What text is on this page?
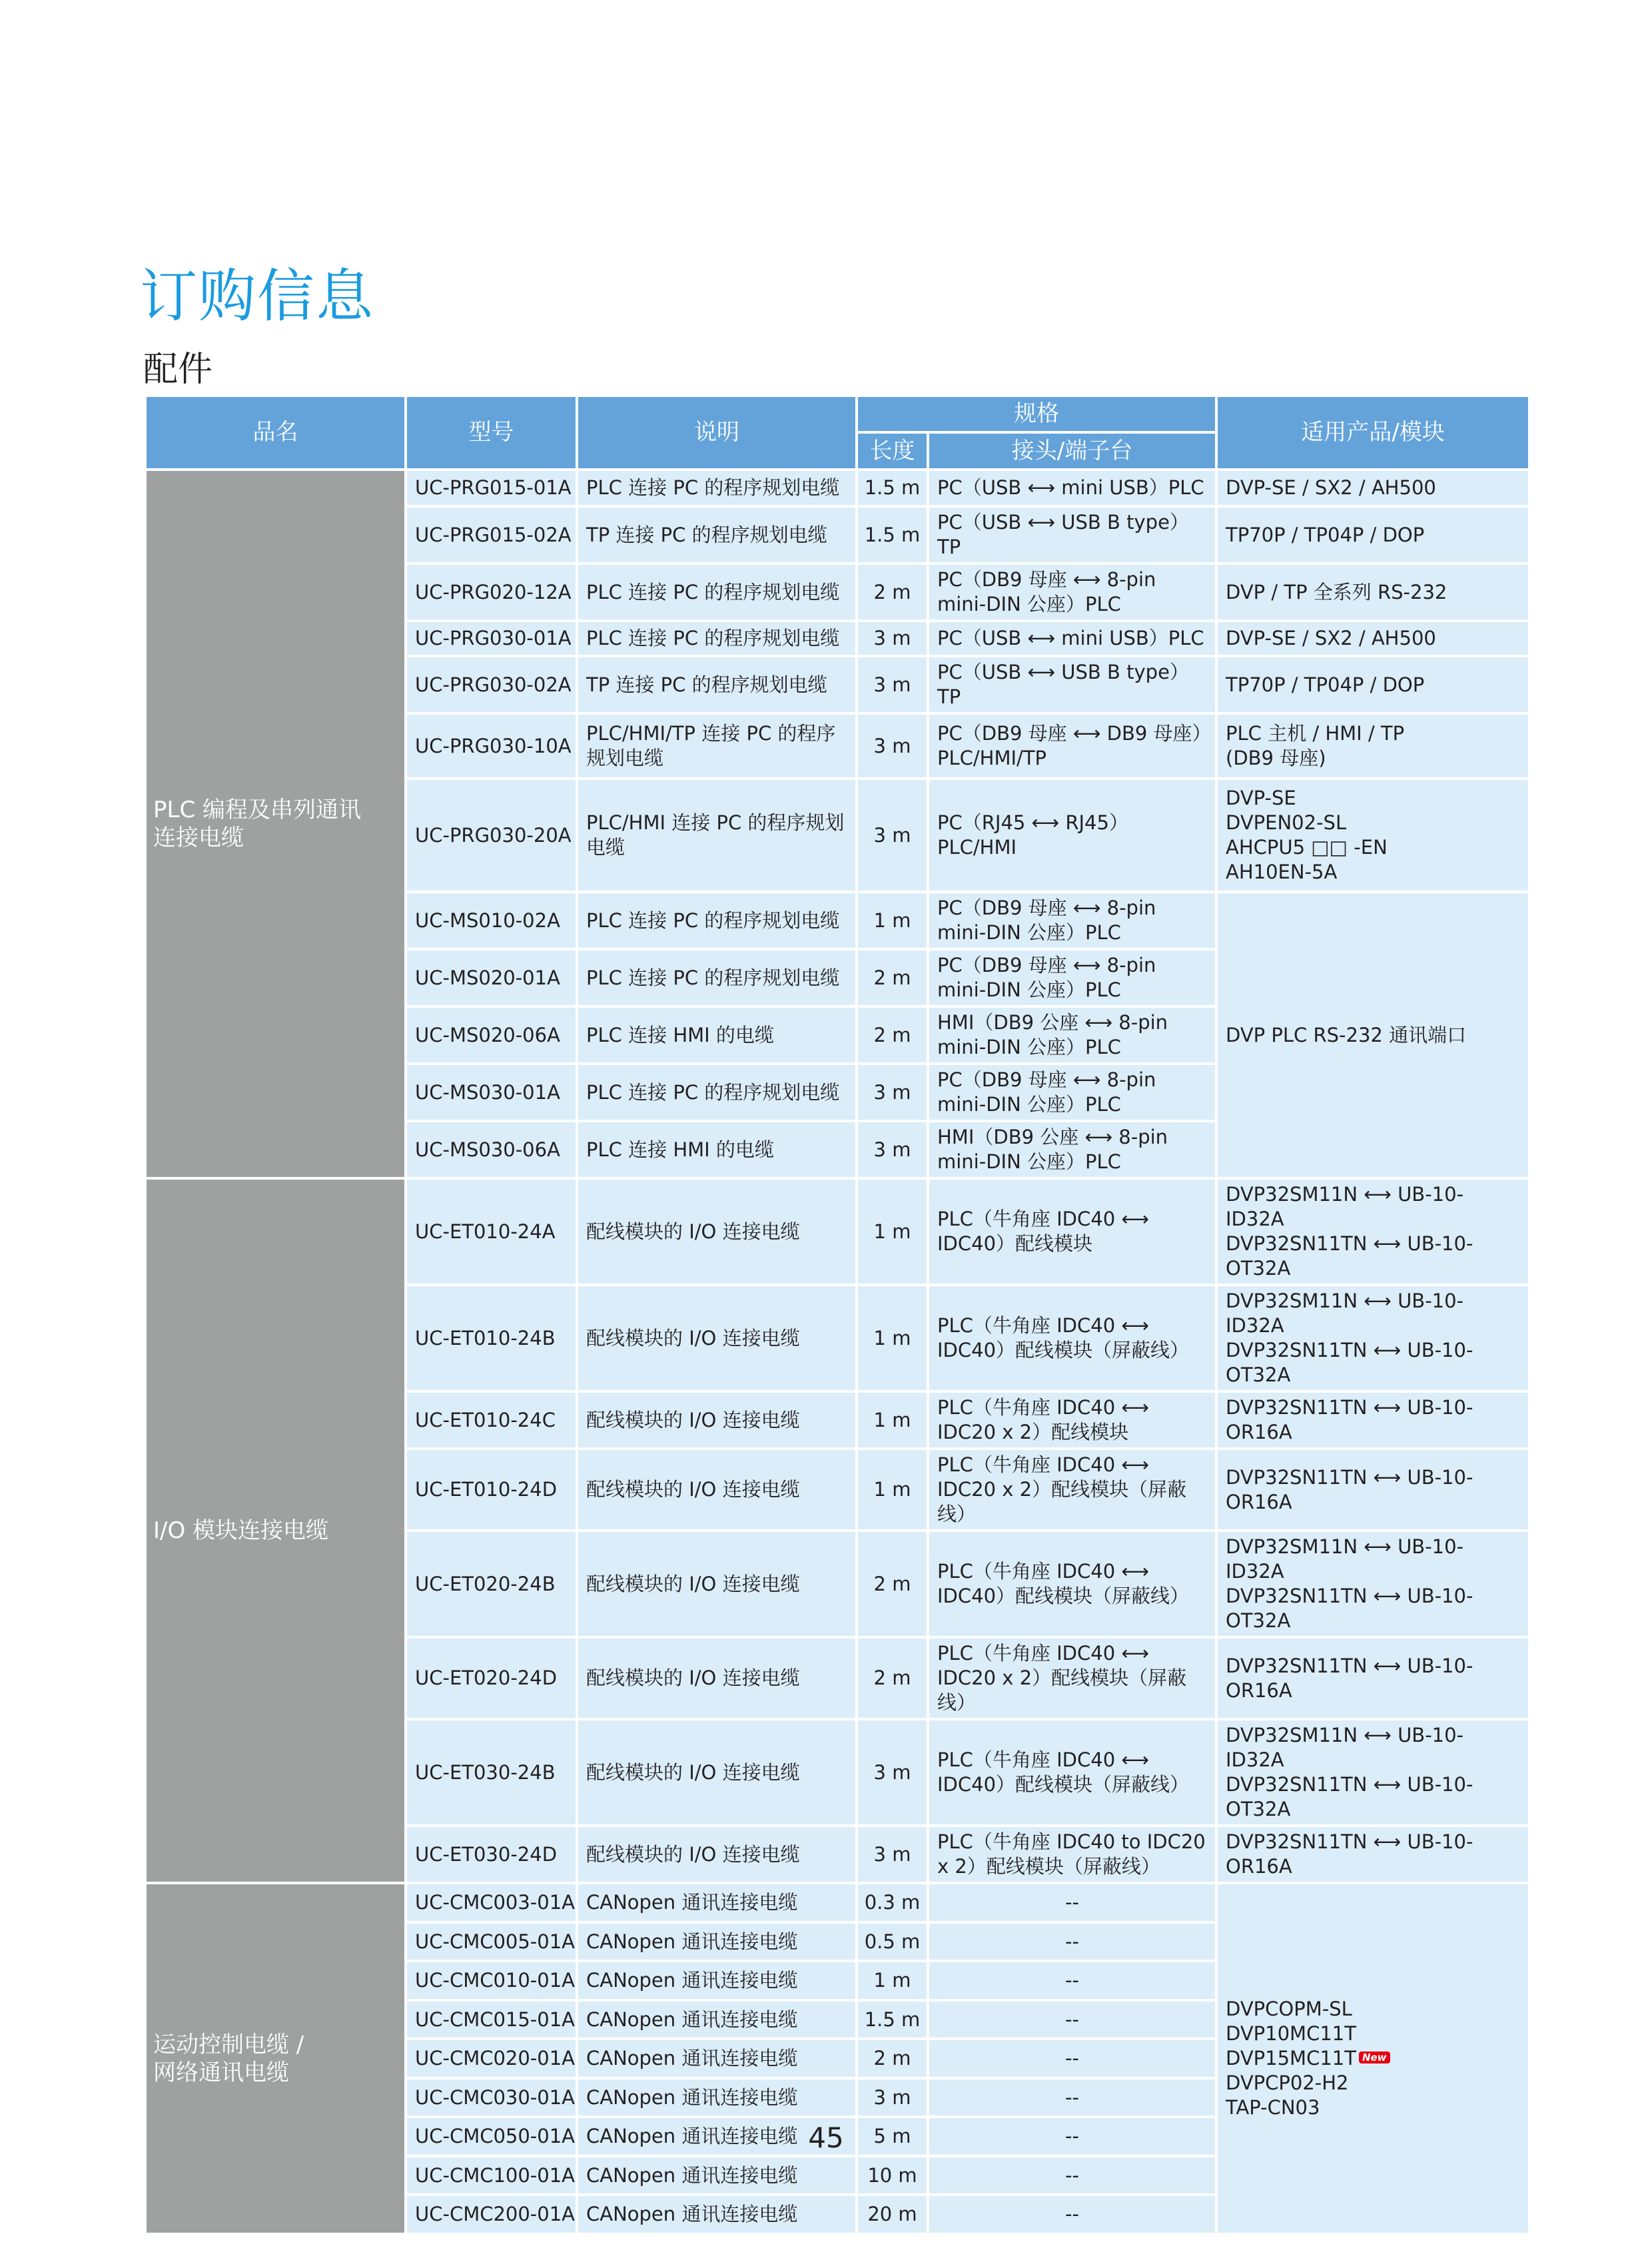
订购信息
配件
品名	型号	说明	规格		适用产品/模块
			长度	接头/端子台	
PLC 编程及串列通讯
连接电缆	UC-PRG015-01A	PLC 连接 PC 的程序规划电缆	1.5 m	PC（USB ⟷ mini USB）PLC	DVP-SE / SX2 / AH500
	UC-PRG015-02A	TP 连接 PC 的程序规划电缆	1.5 m	PC（USB ⟷ USB B type）TP	TP70P / TP04P / DOP
	UC-PRG020-12A	PLC 连接 PC 的程序规划电缆	2 m	PC（DB9 母座 ⟷ 8-pin mini-DIN 公座）PLC	DVP / TP 全系列 RS-232
	UC-PRG030-01A	PLC 连接 PC 的程序规划电缆	3 m	PC（USB ⟷ mini USB）PLC	DVP-SE / SX2 / AH500
	UC-PRG030-02A	TP 连接 PC 的程序规划电缆	3 m	PC（USB ⟷ USB B type）TP	TP70P / TP04P / DOP
	UC-PRG030-10A	PLC/HMI/TP 连接 PC 的程序规划电缆	3 m	PC（DB9 母座 ⟷ DB9 母座）PLC/HMI/TP	PLC 主机 / HMI / TP
(DB9 母座)
	UC-PRG030-20A	PLC/HMI 连接 PC 的程序规划电缆	3 m	PC（RJ45 ⟷ RJ45）PLC/HMI	DVP-SE
DVPEN02-SL
AHCPU5 □□ -EN
AH10EN-5A
	UC-MS010-02A	PLC 连接 PC 的程序规划电缆	1 m	PC（DB9 母座 ⟷ 8-pin mini-DIN 公座）PLC	DVP PLC RS-232 通讯端口
	UC-MS020-01A	PLC 连接 PC 的程序规划电缆	2 m	PC（DB9 母座 ⟷ 8-pin mini-DIN 公座）PLC	
	UC-MS020-06A	PLC 连接 HMI 的电缆	2 m	HMI（DB9 公座 ⟷ 8-pin mini-DIN 公座）PLC	
	UC-MS030-01A	PLC 连接 PC 的程序规划电缆	3 m	PC（DB9 母座 ⟷ 8-pin mini-DIN 公座）PLC	
	UC-MS030-06A	PLC 连接 HMI 的电缆	3 m	HMI（DB9 公座 ⟷ 8-pin mini-DIN 公座）PLC	
I/O 模块连接电缆	UC-ET010-24A	配线模块的 I/O 连接电缆	1 m	PLC（牛角座 IDC40 ⟷ IDC40）配线模块	DVP32SM11N ⟷ UB-10-ID32A
DVP32SN11TN ⟷ UB-10-OT32A
	UC-ET010-24B	配线模块的 I/O 连接电缆	1 m	PLC（牛角座 IDC40 ⟷ IDC40）配线模块（屏蔽线）	DVP32SM11N ⟷ UB-10-ID32A
DVP32SN11TN ⟷ UB-10-OT32A
	UC-ET010-24C	配线模块的 I/O 连接电缆	1 m	PLC（牛角座 IDC40 ⟷ IDC20 x 2）配线模块	DVP32SN11TN ⟷ UB-10-OR16A
	UC-ET010-24D	配线模块的 I/O 连接电缆	1 m	PLC（牛角座 IDC40 ⟷ IDC20 x 2）配线模块（屏蔽线）	DVP32SN11TN ⟷ UB-10-OR16A
	UC-ET020-24B	配线模块的 I/O 连接电缆	2 m	PLC（牛角座 IDC40 ⟷ IDC40）配线模块（屏蔽线）	DVP32SM11N ⟷ UB-10-ID32A
DVP32SN11TN ⟷ UB-10-OT32A
	UC-ET020-24D	配线模块的 I/O 连接电缆	2 m	PLC（牛角座 IDC40 ⟷ IDC20 x 2）配线模块（屏蔽线）	DVP32SN11TN ⟷ UB-10-OR16A
	UC-ET030-24B	配线模块的 I/O 连接电缆	3 m	PLC（牛角座 IDC40 ⟷ IDC40）配线模块（屏蔽线）	DVP32SM11N ⟷ UB-10-ID32A
DVP32SN11TN ⟷ UB-10-OT32A
	UC-ET030-24D	配线模块的 I/O 连接电缆	3 m	PLC（牛角座 IDC40 to IDC20 x 2）配线模块（屏蔽线）	DVP32SN11TN ⟷ UB-10-OR16A
运动控制电缆 /
网络通讯电缆	UC-CMC003-01A	CANopen 通讯连接电缆	0.3 m	--	DVPCOPM-SL
DVP10MC11T
DVP15MC11T New
DVPCP02-H2
TAP-CN03
	UC-CMC005-01A	CANopen 通讯连接电缆	0.5 m	--	
	UC-CMC010-01A	CANopen 通讯连接电缆	1 m	--	
	UC-CMC015-01A	CANopen 通讯连接电缆	1.5 m	--	
	UC-CMC020-01A	CANopen 通讯连接电缆	2 m	--	
	UC-CMC030-01A	CANopen 通讯连接电缆	3 m	--	
	UC-CMC050-01A	CANopen 通讯连接电缆	5 m	--	
	UC-CMC100-01A	CANopen 通讯连接电缆	10 m	--	
	UC-CMC200-01A	CANopen 通讯连接电缆	20 m	--	
45
